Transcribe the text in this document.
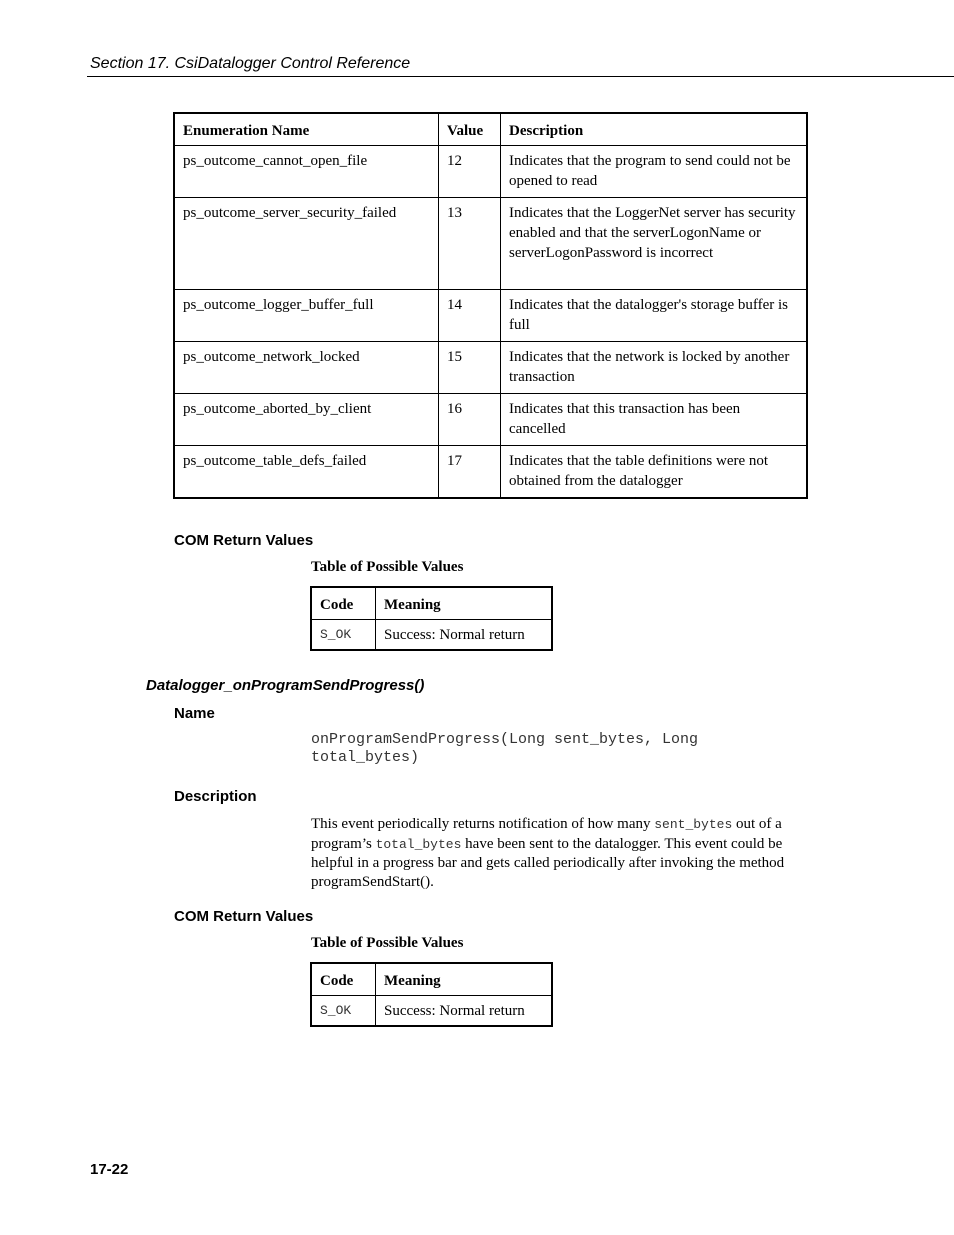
Section 17. CsiDatalogger Control Reference
Enumeration Name	Value	Description
ps_outcome_cannot_open_file	12	Indicates that the program to send could not be opened to read
ps_outcome_server_security_failed	13	Indicates that the LoggerNet server has security enabled and that the serverLogonName or serverLogonPassword is incorrect
ps_outcome_logger_buffer_full	14	Indicates that the datalogger's storage buffer is full
ps_outcome_network_locked	15	Indicates that the network is locked by another transaction
ps_outcome_aborted_by_client	16	Indicates that this transaction has been cancelled
ps_outcome_table_defs_failed	17	Indicates that the table definitions were not obtained from the datalogger
COM Return Values
Table of Possible Values
Code	Meaning
S_OK	Success: Normal return
Datalogger_onProgramSendProgress()
Name
onProgramSendProgress(Long sent_bytes, Long
total_bytes)
Description
This event periodically returns notification of how many sent_bytes out of a program’s total_bytes have been sent to the datalogger. This event could be helpful in a progress bar and gets called periodically after invoking the method programSendStart().
COM Return Values
Table of Possible Values
Code	Meaning
S_OK	Success: Normal return
17-22
